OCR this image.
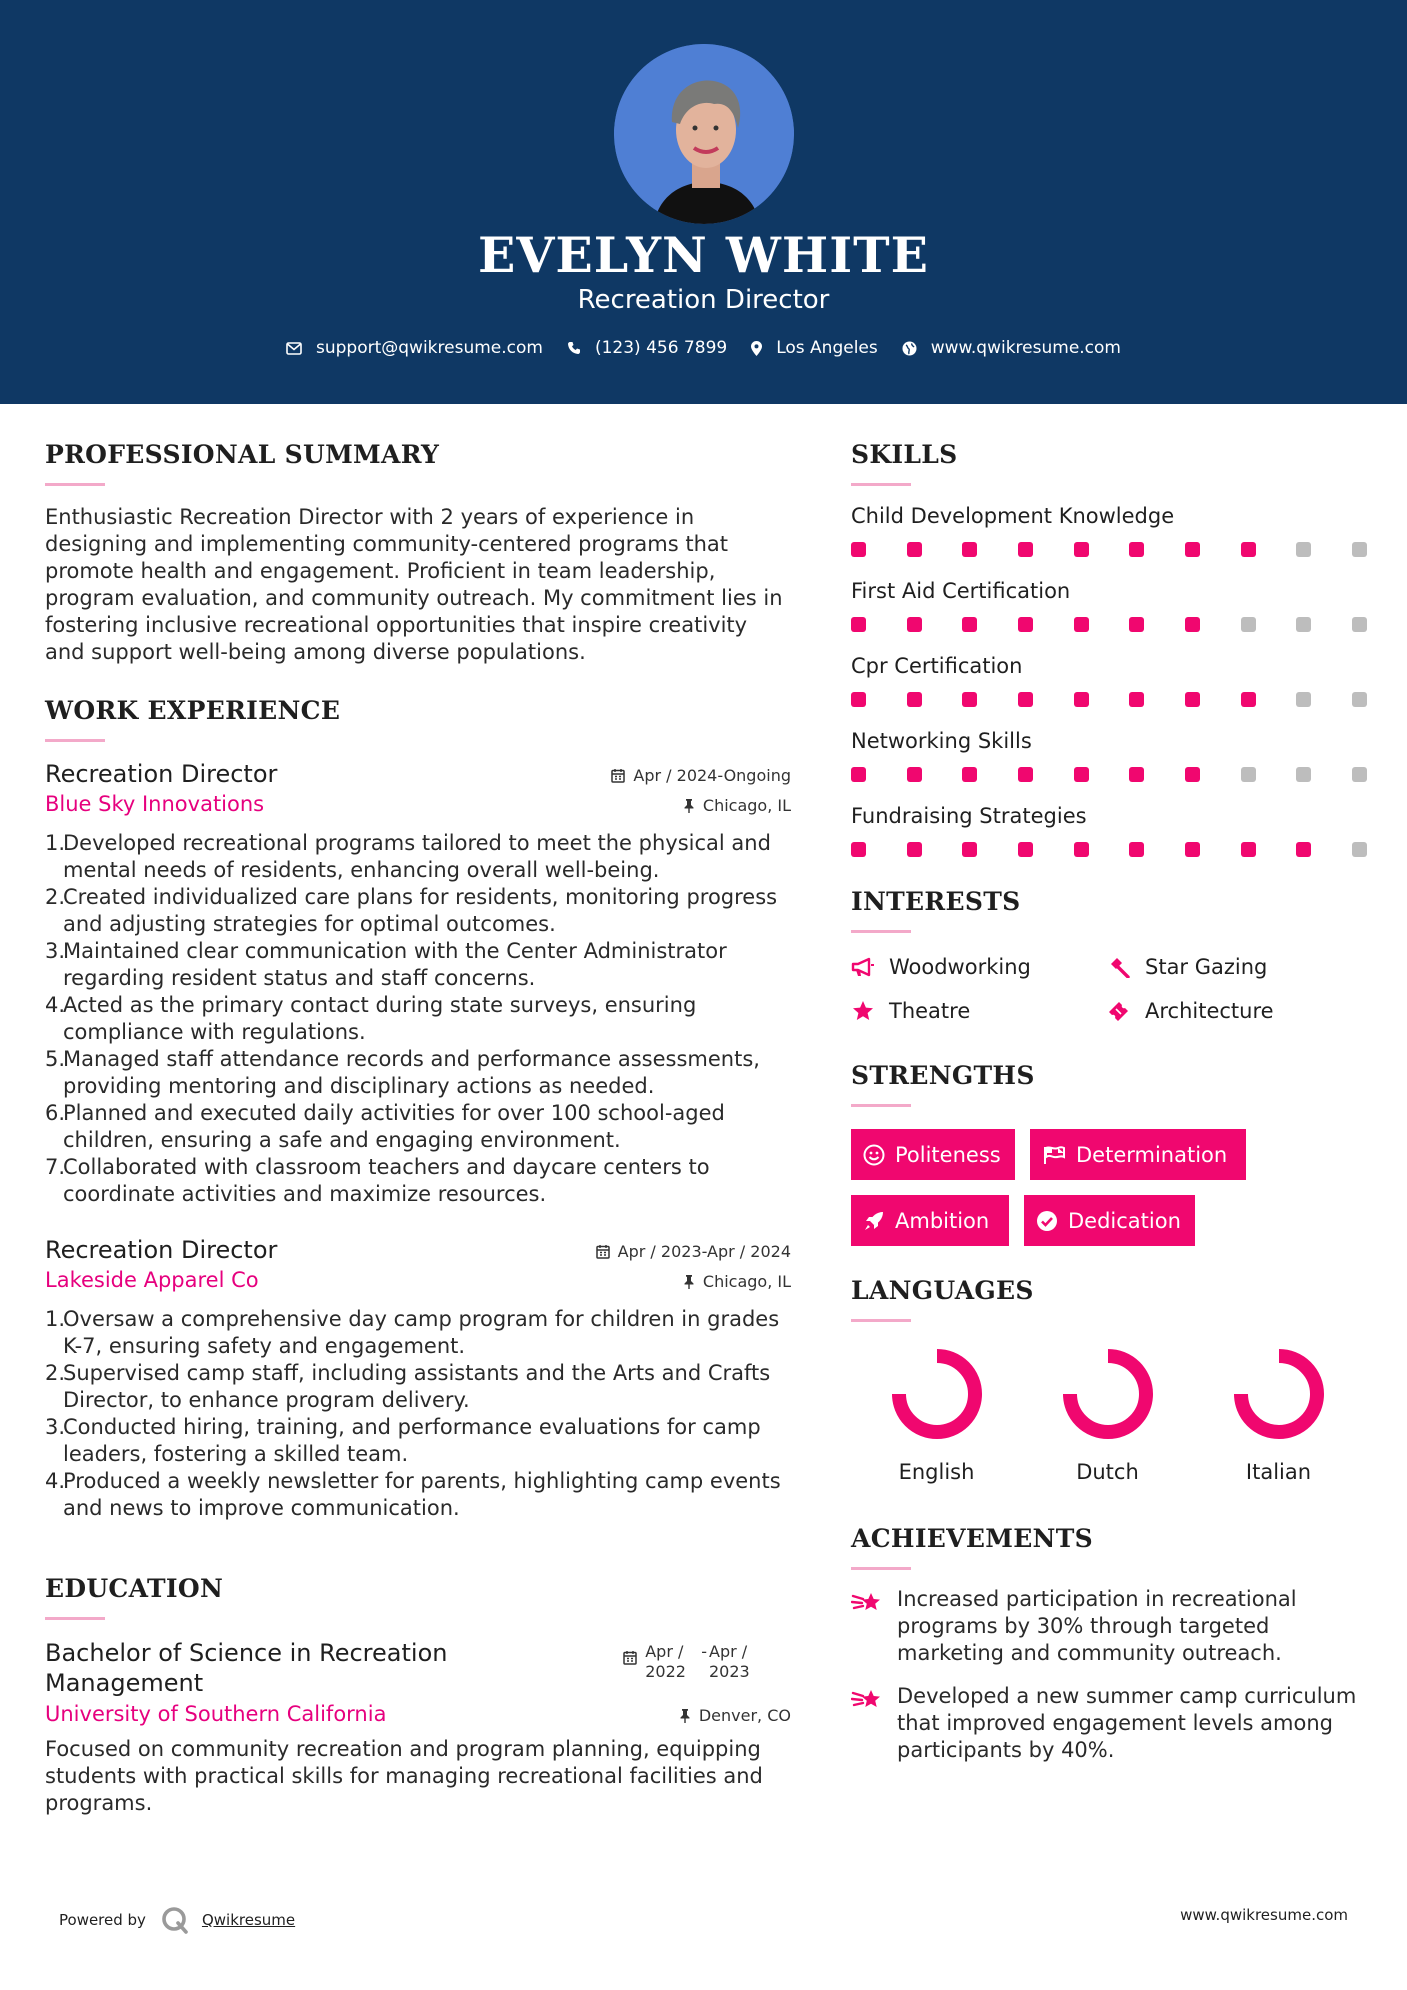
EVELYN WHITE
Recreation Director
support@qwikresume.com	(123) 456 7899	Los Angeles	www.qwikresume.com
PROFESSIONAL SUMMARY

Enthusiastic Recreation Director with 2 years of experience in designing and implementing community-centered programs that promote health and engagement. Proficient in team leadership, program evaluation, and community outreach. My commitment lies in fostering inclusive recreational opportunities that inspire creativity and support well-being among diverse populations.

WORK EXPERIENCE
Recreation Director	Apr / 2024-Ongoing
Blue Sky Innovations	Chicago, IL
Developed recreational programs tailored to meet the physical and mental needs of residents, enhancing overall well-being.
Created individualized care plans for residents, monitoring progress and adjusting strategies for optimal outcomes.
Maintained clear communication with the Center Administrator regarding resident status and staff concerns.
Acted as the primary contact during state surveys, ensuring compliance with regulations.
Managed staff attendance records and performance assessments, providing mentoring and disciplinary actions as needed.
Planned and executed daily activities for over 100 school-aged children, ensuring a safe and engaging environment.
Collaborated with classroom teachers and daycare centers to coordinate activities and maximize resources.
Recreation Director	Apr / 2023-Apr / 2024
Lakeside Apparel Co	Chicago, IL
Oversaw a comprehensive day camp program for children in grades K-7, ensuring safety and engagement.
Supervised camp staff, including assistants and the Arts and Crafts Director, to enhance program delivery.
Conducted hiring, training, and performance evaluations for camp leaders, fostering a skilled team.
Produced a weekly newsletter for parents, highlighting camp events and news to improve communication.
EDUCATION
Bachelor of Science in Recreation Management
Apr / 2022
- Apr / 2023
University of Southern California	Denver, CO

Focused on community recreation and program planning, equipping students with practical skills for managing recreational facilities and programs.

SKILLS
Child Development Knowledge
First Aid Certification
Cpr Certification
Networking Skills
Fundraising Strategies
INTERESTS
Woodworking	Star Gazing
Theatre	Architecture
STRENGTHS
Politeness	Determination
Ambition	Dedication
LANGUAGES
English	Dutch	Italian
ACHIEVEMENTS
Increased participation in recreational programs by 30% through targeted marketing and community outreach.
Developed a new summer camp curriculum that improved engagement levels among participants by 40%.
Powered by	Qwikresume	www.qwikresume.com
